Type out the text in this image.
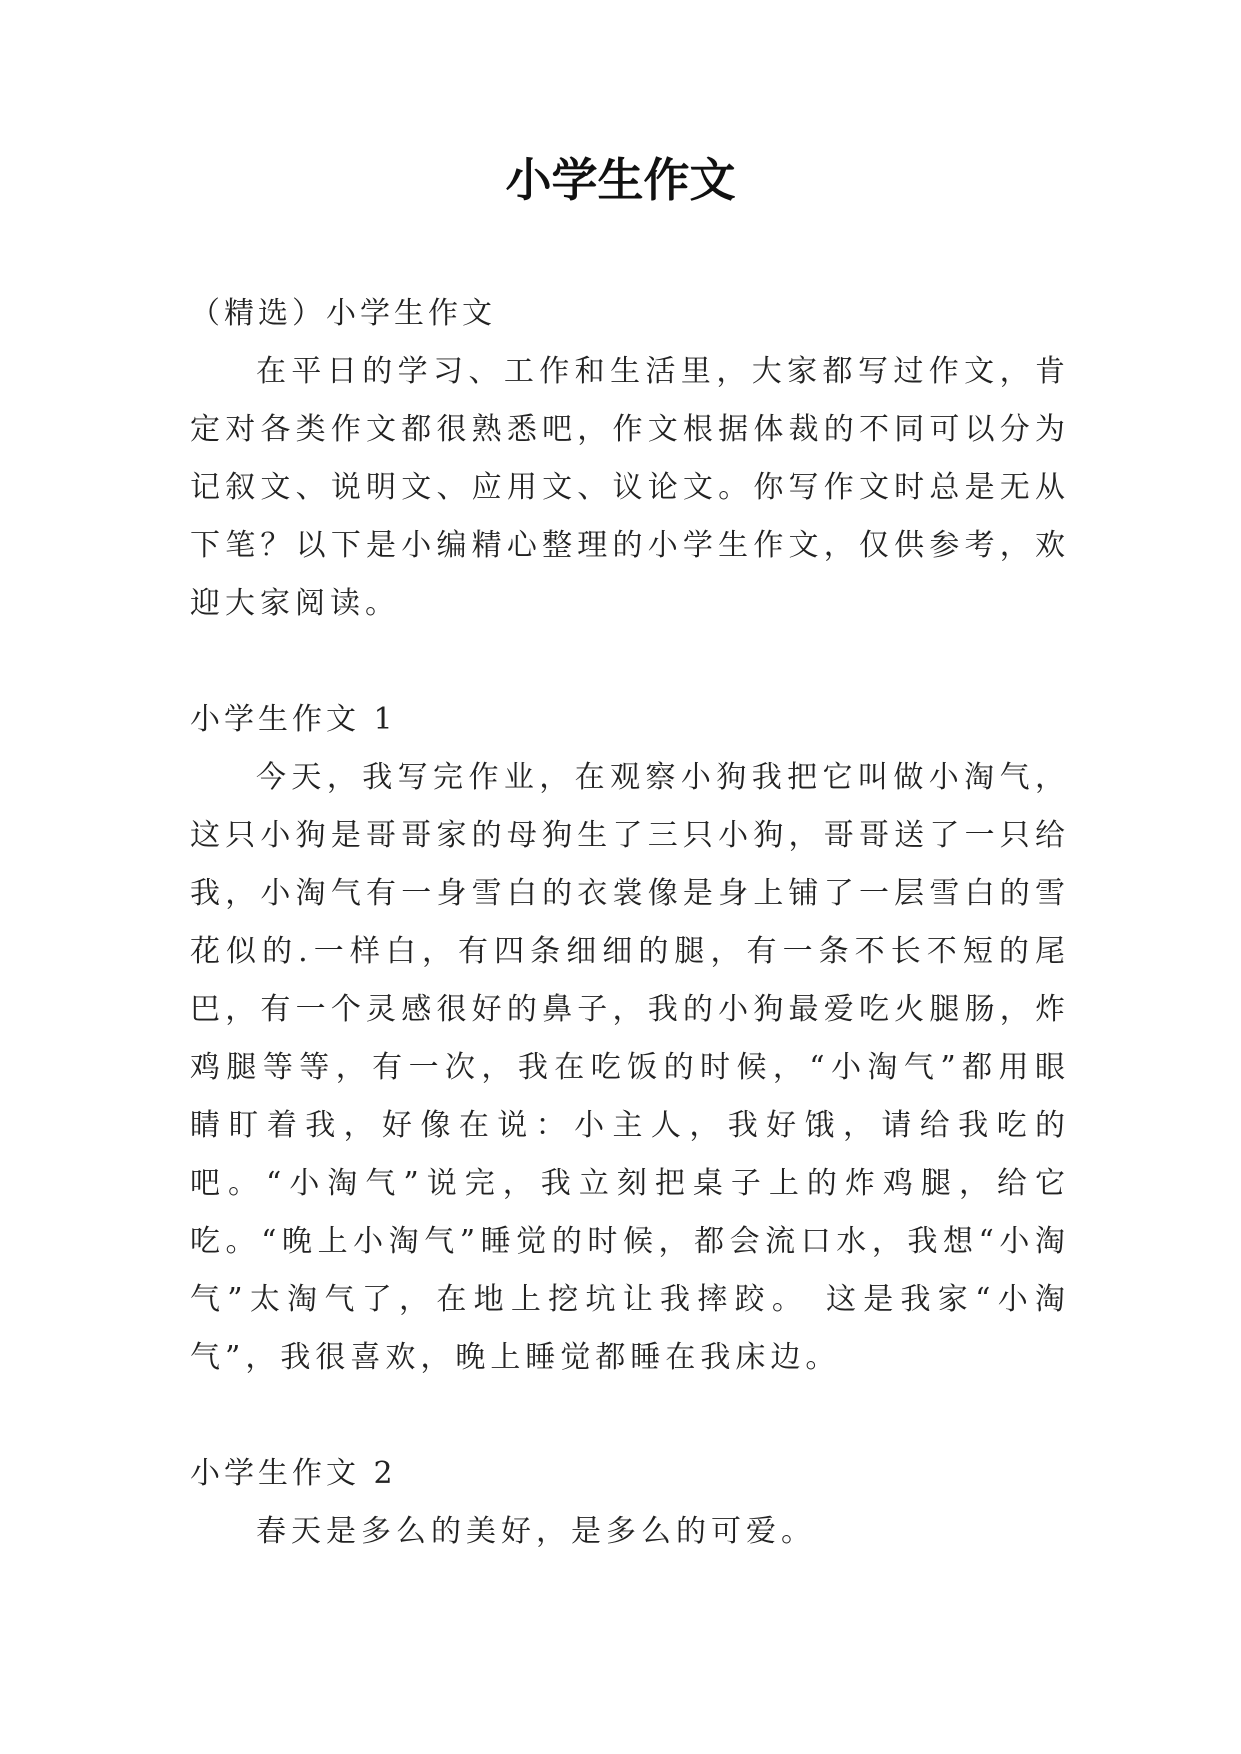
小学生作文

（精选）小学生作文

在平日的学习、工作和生活里，大家都写过作文，肯定对各类作文都很熟悉吧，作文根据体裁的不同可以分为记叙文、说明文、应用文、议论文。你写作文时总是无从下笔？以下是小编精心整理的小学生作文，仅供参考，欢迎大家阅读。

小学生作文 1

今天，我写完作业，在观察小狗我把它叫做小淘气，这只小狗是哥哥家的母狗生了三只小狗，哥哥送了一只给我，小淘气有一身雪白的衣裳像是身上铺了一层雪白的雪花似的.一样白，有四条细细的腿，有一条不长不短的尾巴，有一个灵感很好的鼻子，我的小狗最爱吃火腿肠，炸鸡腿等等，有一次，我在吃饭的时候，“小淘气”都用眼睛盯着我，好像在说：小主人，我好饿，请给我吃的吧。“小淘气”说完，我立刻把桌子上的炸鸡腿，给它吃。“晚上小淘气”睡觉的时候，都会流口水，我想“小淘气”太淘气了，在地上挖坑让我摔跤。 这是我家“小淘气”，我很喜欢，晚上睡觉都睡在我床边。

小学生作文 2

春天是多么的美好，是多么的可爱。
